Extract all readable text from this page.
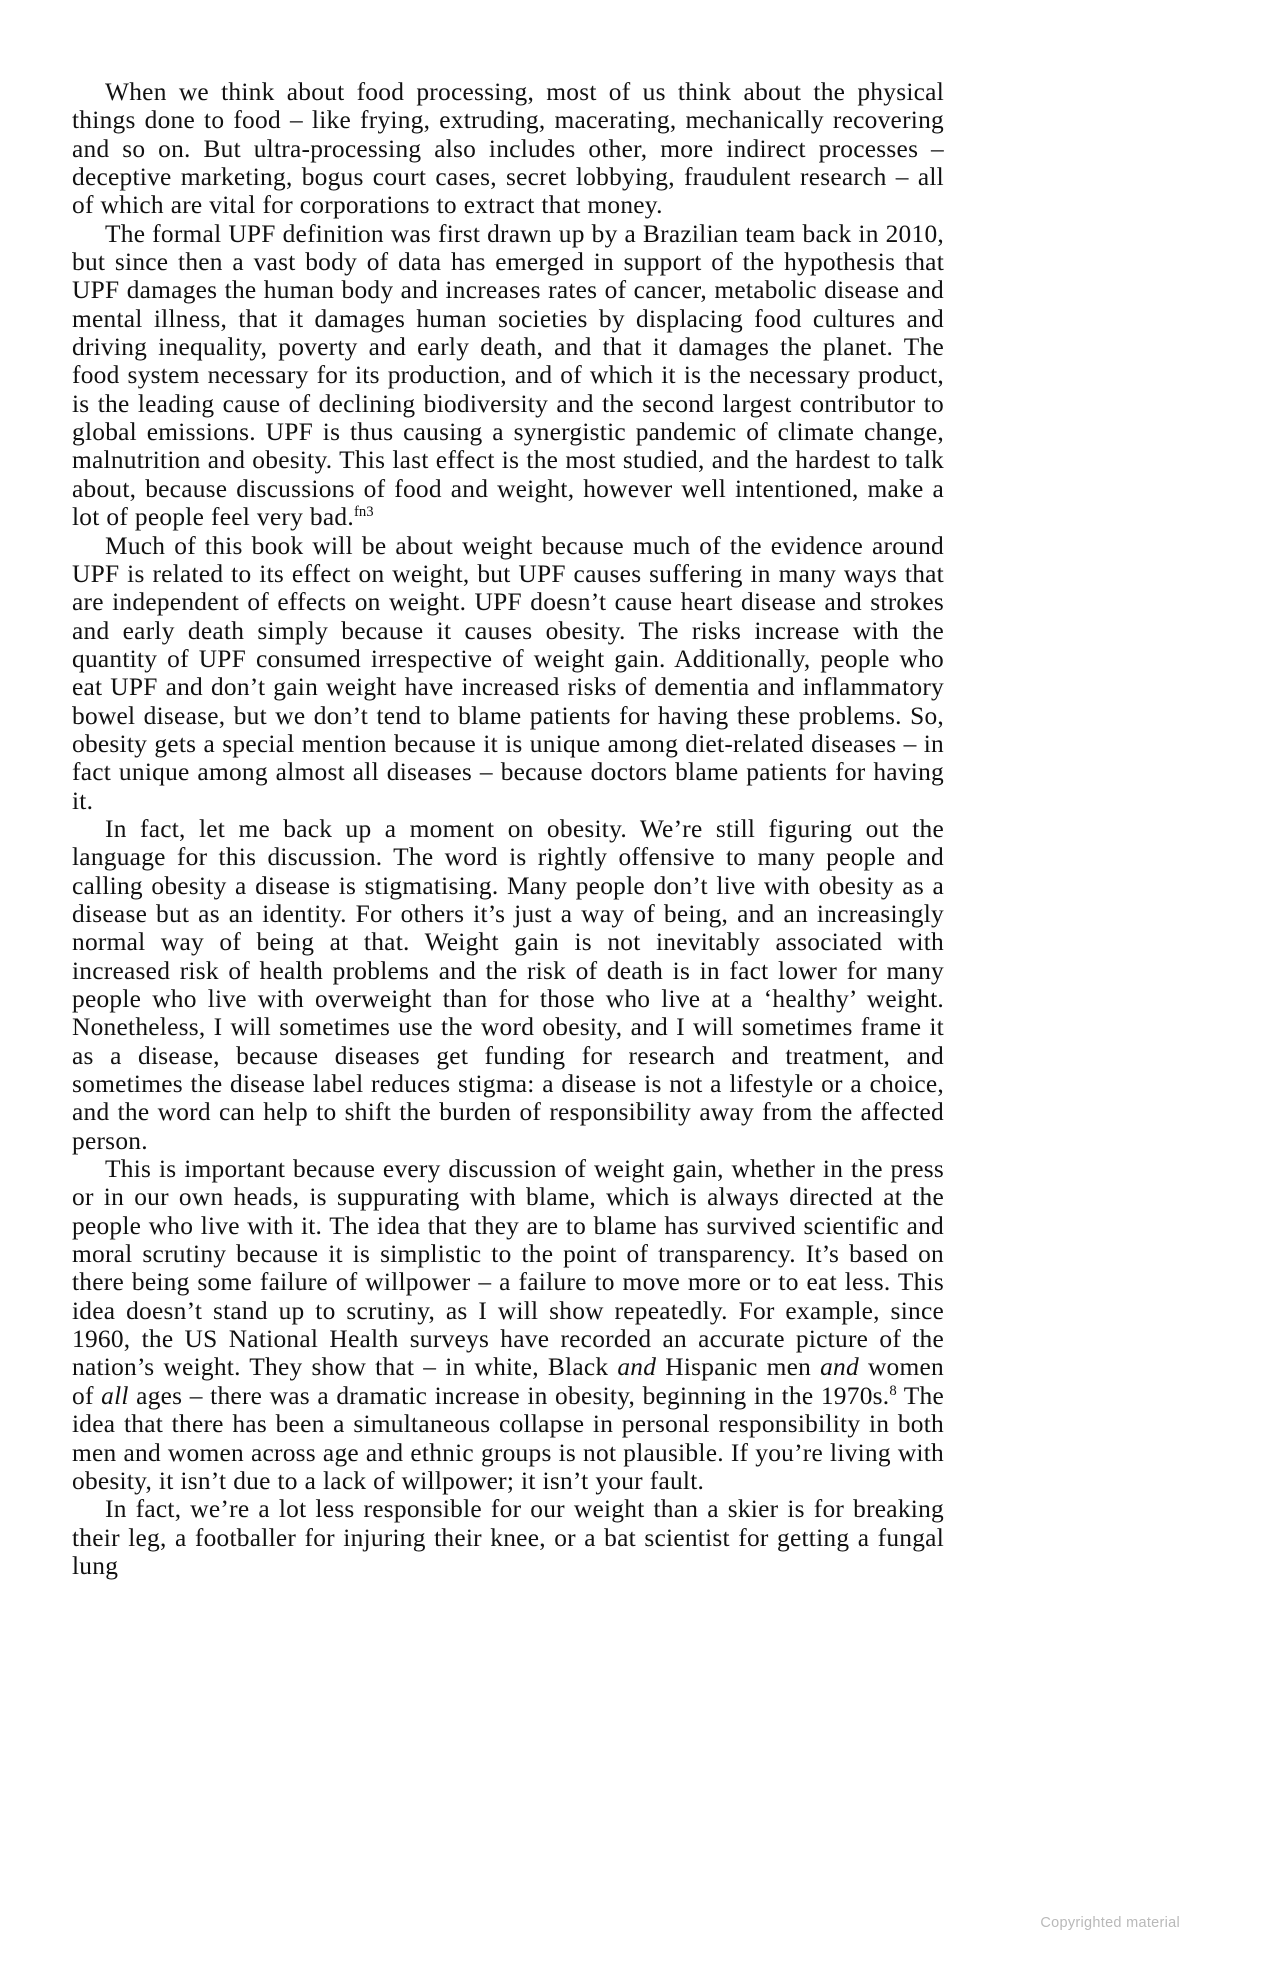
When we think about food processing, most of us think about the physical things done to food – like frying, extruding, macerating, mechanically recovering and so on. But ultra-processing also includes other, more indirect processes – deceptive marketing, bogus court cases, secret lobbying, fraudulent research – all of which are vital for corporations to extract that money.

The formal UPF definition was first drawn up by a Brazilian team back in 2010, but since then a vast body of data has emerged in support of the hypothesis that UPF damages the human body and increases rates of cancer, metabolic disease and mental illness, that it damages human societies by displacing food cultures and driving inequality, poverty and early death, and that it damages the planet. The food system necessary for its production, and of which it is the necessary product, is the leading cause of declining biodiversity and the second largest contributor to global emissions. UPF is thus causing a synergistic pandemic of climate change, malnutrition and obesity. This last effect is the most studied, and the hardest to talk about, because discussions of food and weight, however well intentioned, make a lot of people feel very bad.$^{fn3}$

Much of this book will be about weight because much of the evidence around UPF is related to its effect on weight, but UPF causes suffering in many ways that are independent of effects on weight. UPF doesn’t cause heart disease and strokes and early death simply because it causes obesity. The risks increase with the quantity of UPF consumed irrespective of weight gain. Additionally, people who eat UPF and don’t gain weight have increased risks of dementia and inflammatory bowel disease, but we don’t tend to blame patients for having these problems. So, obesity gets a special mention because it is unique among diet-related diseases – in fact unique among almost all diseases – because doctors blame patients for having it.

In fact, let me back up a moment on obesity. We’re still figuring out the language for this discussion. The word is rightly offensive to many people and calling obesity a disease is stigmatising. Many people don’t live with obesity as a disease but as an identity. For others it’s just a way of being, and an increasingly normal way of being at that. Weight gain is not inevitably associated with increased risk of health problems and the risk of death is in fact lower for many people who live with overweight than for those who live at a ‘healthy’ weight. Nonetheless, I will sometimes use the word obesity, and I will sometimes frame it as a disease, because diseases get funding for research and treatment, and sometimes the disease label reduces stigma: a disease is not a lifestyle or a choice, and the word can help to shift the burden of responsibility away from the affected person.

This is important because every discussion of weight gain, whether in the press or in our own heads, is suppurating with blame, which is always directed at the people who live with it. The idea that they are to blame has survived scientific and moral scrutiny because it is simplistic to the point of transparency. It’s based on there being some failure of willpower – a failure to move more or to eat less. This idea doesn’t stand up to scrutiny, as I will show repeatedly. For example, since 1960, the US National Health surveys have recorded an accurate picture of the nation’s weight. They show that – in white, Black and Hispanic men and women of all ages – there was a dramatic increase in obesity, beginning in the 1970s.$^8$ The idea that there has been a simultaneous collapse in personal responsibility in both men and women across age and ethnic groups is not plausible. If you’re living with obesity, it isn’t due to a lack of willpower; it isn’t your fault.

In fact, we’re a lot less responsible for our weight than a skier is for breaking their leg, a footballer for injuring their knee, or a bat scientist for getting a fungal lung

Copyrighted material
